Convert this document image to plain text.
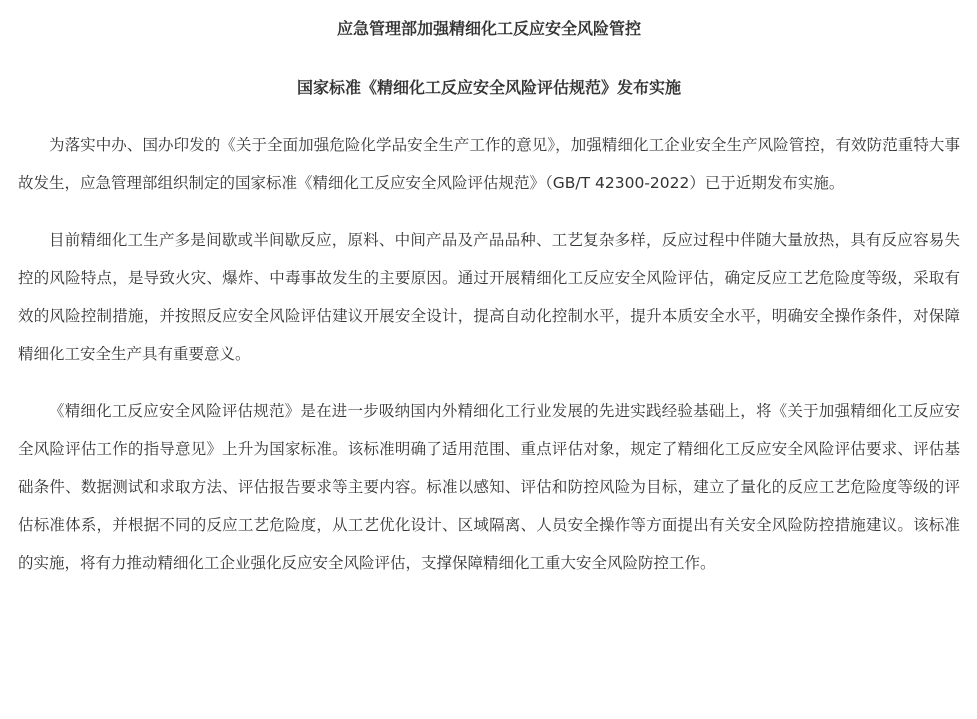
应急管理部加强精细化工反应安全风险管控
国家标准《精细化工反应安全风险评估规范》发布实施

为落实中办、国办印发的《关于全面加强危险化学品安全生产工作的意见》，加强精细化工企业安全生产风险管控，有效防范重特大事故发生，应急管理部组织制定的国家标准《精细化工反应安全风险评估规范》（GB/T 42300-2022）已于近期发布实施。

目前精细化工生产多是间歇或半间歇反应，原料、中间产品及产品品种、工艺复杂多样，反应过程中伴随大量放热，具有反应容易失控的风险特点，是导致火灾、爆炸、中毒事故发生的主要原因。通过开展精细化工反应安全风险评估，确定反应工艺危险度等级，采取有效的风险控制措施，并按照反应安全风险评估建议开展安全设计，提高自动化控制水平，提升本质安全水平，明确安全操作条件，对保障精细化工安全生产具有重要意义。

《精细化工反应安全风险评估规范》是在进一步吸纳国内外精细化工行业发展的先进实践经验基础上，将《关于加强精细化工反应安全风险评估工作的指导意见》上升为国家标准。该标准明确了适用范围、重点评估对象，规定了精细化工反应安全风险评估要求、评估基础条件、数据测试和求取方法、评估报告要求等主要内容。标准以感知、评估和防控风险为目标，建立了量化的反应工艺危险度等级的评估标准体系，并根据不同的反应工艺危险度，从工艺优化设计、区域隔离、人员安全操作等方面提出有关安全风险防控措施建议。该标准的实施，将有力推动精细化工企业强化反应安全风险评估，支撑保障精细化工重大安全风险防控工作。
